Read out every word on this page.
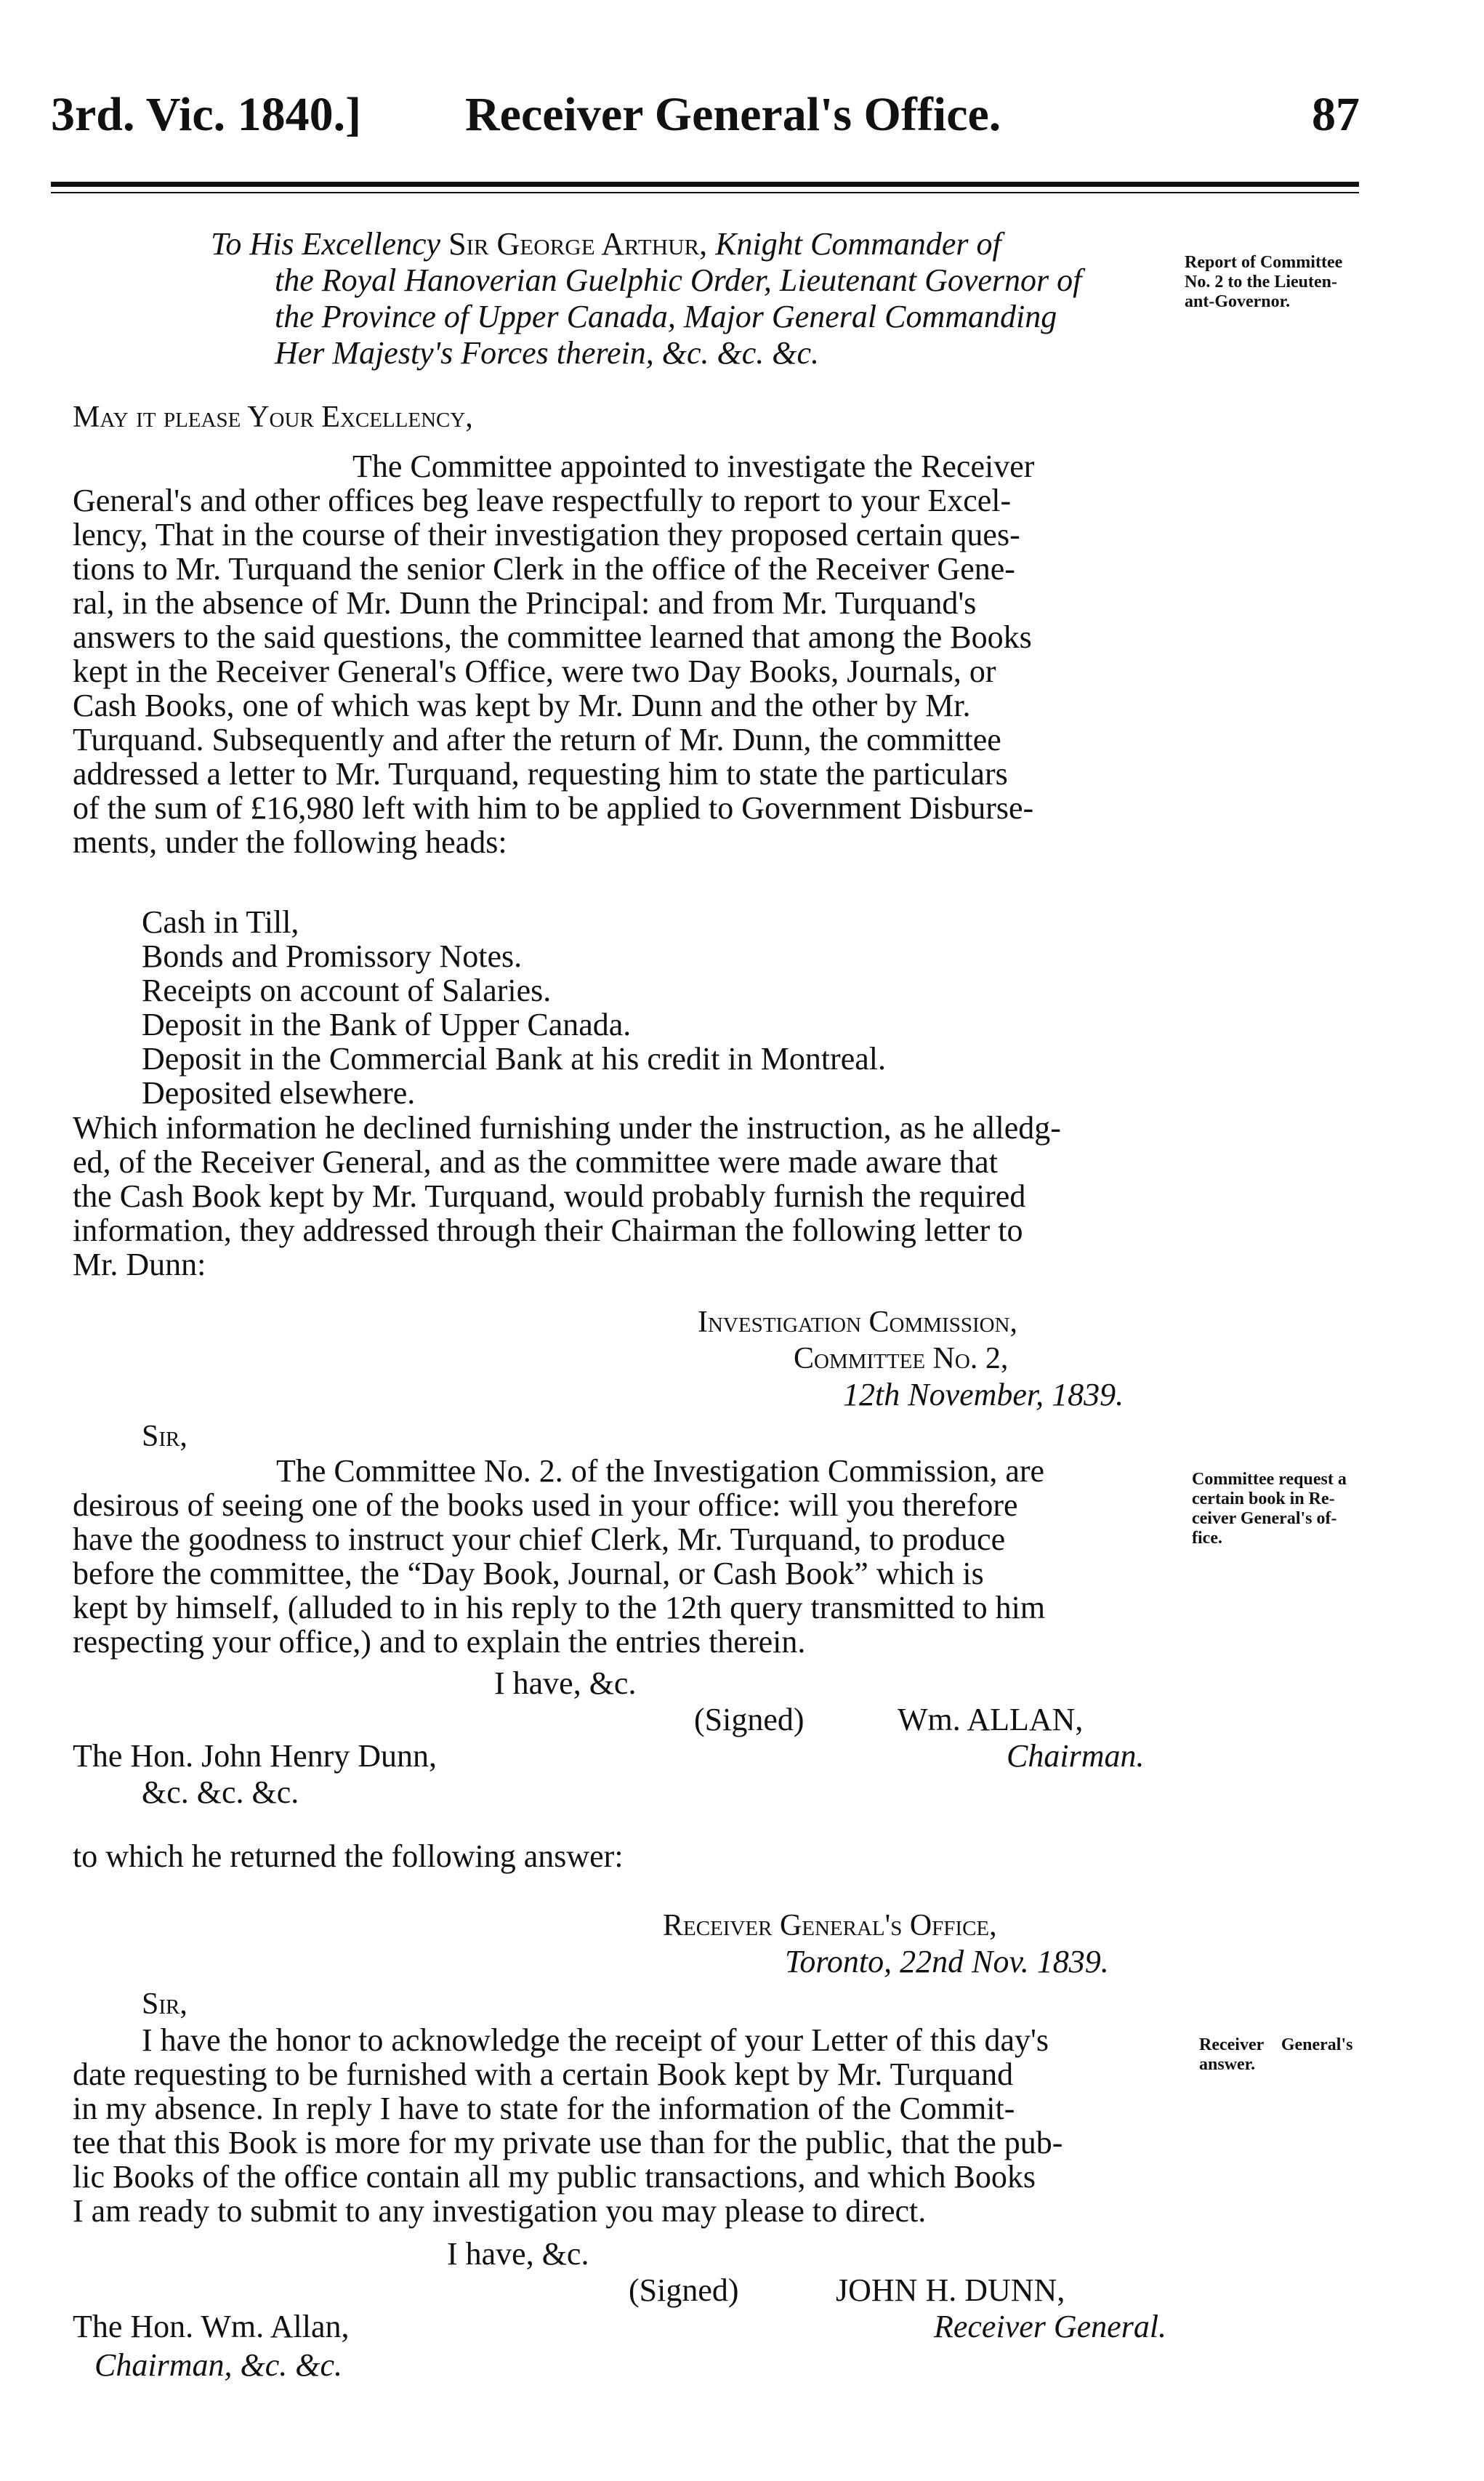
3rd. Vic. 1840.] Receiver General's Office.	87
To His Excellency Sir George Arthur, Knight Commander of
the Royal Hanoverian Guelphic Order, Lieutenant Governor of
the Province of Upper Canada, Major General Commanding
Her Majesty's Forces therein, &c. &c. &c.
Report of Committee
No. 2 to the Lieuten-
ant-Governor.
May it please Your Excellency,
The Committee appointed to investigate the Receiver
General's and other offices beg leave respectfully to report to your Excel-
lency, That in the course of their investigation they proposed certain ques-
tions to Mr. Turquand the senior Clerk in the office of the Receiver Gene-
ral, in the absence of Mr. Dunn the Principal: and from Mr. Turquand's
answers to the said questions, the committee learned that among the Books
kept in the Receiver General's Office, were two Day Books, Journals, or
Cash Books, one of which was kept by Mr. Dunn and the other by Mr.
Turquand. Subsequently and after the return of Mr. Dunn, the committee
addressed a letter to Mr. Turquand, requesting him to state the particulars
of the sum of £16,980 left with him to be applied to Government Disburse-
ments, under the following heads:
Cash in Till,
Bonds and Promissory Notes.
Receipts on account of Salaries.
Deposit in the Bank of Upper Canada.
Deposit in the Commercial Bank at his credit in Montreal.
Deposited elsewhere.
Which information he declined furnishing under the instruction, as he alledg-
ed, of the Receiver General, and as the committee were made aware that
the Cash Book kept by Mr. Turquand, would probably furnish the required
information, they addressed through their Chairman the following letter to
Mr. Dunn:
Investigation Commission,
Committee No. 2,
12th November, 1839.
Sir,
The Committee No. 2. of the Investigation Commission, are
desirous of seeing one of the books used in your office: will you therefore
have the goodness to instruct your chief Clerk, Mr. Turquand, to produce
before the committee, the “Day Book, Journal, or Cash Book” which is
kept by himself, (alluded to in his reply to the 12th query transmitted to him
respecting your office,) and to explain the entries therein.
Committee request a
certain book in Re-
ceiver General's of-
fice.
I have, &c.
(Signed)	Wm. ALLAN,
The Hon. John Henry Dunn,	Chairman.
&c. &c. &c.
to which he returned the following answer:
Receiver General's Office,
Toronto, 22nd Nov. 1839.
Sir,
I have the honor to acknowledge the receipt of your Letter of this day's
date requesting to be furnished with a certain Book kept by Mr. Turquand
in my absence. In reply I have to state for the information of the Commit-
tee that this Book is more for my private use than for the public, that the pub-
lic Books of the office contain all my public transactions, and which Books
I am ready to submit to any investigation you may please to direct.
Receiver    General's
answer.
I have, &c.
(Signed)	JOHN H. DUNN,
The Hon. Wm. Allan,	Receiver General.
Chairman, &c. &c.
